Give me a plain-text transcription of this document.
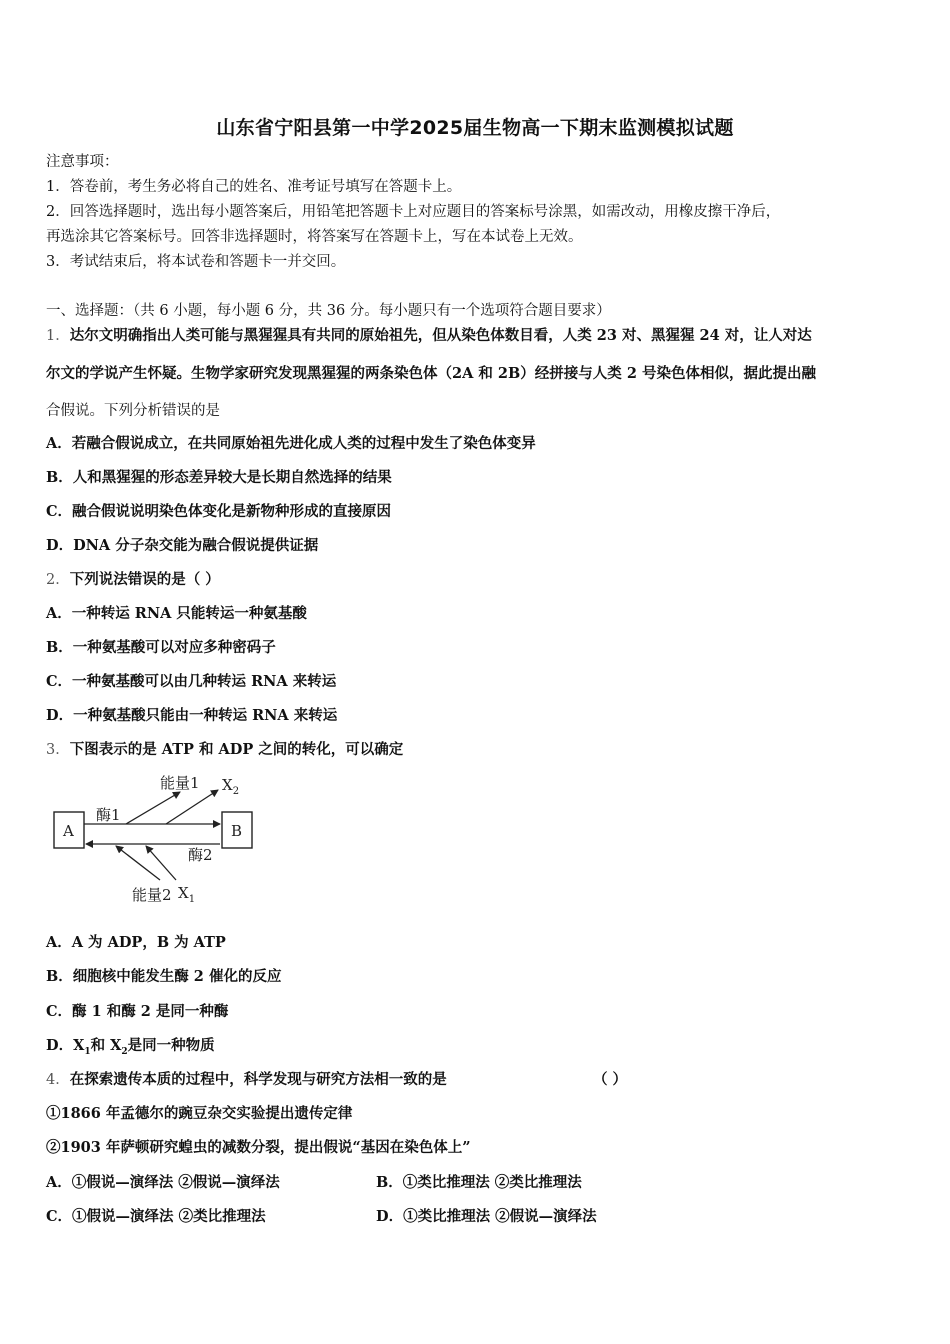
山东省宁阳县第一中学2025届生物高一下期末监测模拟试题
注意事项：
1．答卷前，考生务必将自己的姓名、准考证号填写在答题卡上。
2．回答选择题时，选出每小题答案后，用铅笔把答题卡上对应题目的答案标号涂黑，如需改动，用橡皮擦干净后，
再选涂其它答案标号。回答非选择题时，将答案写在答题卡上，写在本试卷上无效。
3．考试结束后，将本试卷和答题卡一并交回。
一、选择题：（共 6 小题，每小题 6 分，共 36 分。每小题只有一个选项符合题目要求）
1．达尔文明确指出人类可能与黑猩猩具有共同的原始祖先，但从染色体数目看，人类 23 对、黑猩猩 24 对，让人对达
尔文的学说产生怀疑。生物学家研究发现黑猩猩的两条染色体（2A 和 2B）经拼接与人类 2 号染色体相似，据此提出融
合假说。下列分析错误的是
A．若融合假说成立，在共同原始祖先进化成人类的过程中发生了染色体变异
B．人和黑猩猩的形态差异较大是长期自然选择的结果
C．融合假说说明染色体变化是新物种形成的直接原因
D．DNA 分子杂交能为融合假说提供证据
2．下列说法错误的是（ ）
A．一种转运 RNA 只能转运一种氨基酸
B．一种氨基酸可以对应多种密码子
C．一种氨基酸可以由几种转运 RNA 来转运
D．一种氨基酸只能由一种转运 RNA 来转运
3．下图表示的是 ATP 和 ADP 之间的转化，可以确定
A	B
能量1 $X_2$
酶1
酶2
能量2 $X_1$
A．A 为 ADP，B 为 ATP
B．细胞核中能发生酶 2 催化的反应
C．酶 1 和酶 2 是同一种酶
D．$X_1$和 $X_2$是同一种物质
4．在探索遗传本质的过程中，科学发现与研究方法相一致的是	（ ）
①1866 年孟德尔的豌豆杂交实验提出遗传定律
②1903 年萨顿研究蝗虫的减数分裂，提出假说“基因在染色体上”
A．①假说—演绎法 ②假说—演绎法	B．①类比推理法 ②类比推理法
C．①假说—演绎法 ②类比推理法	D．①类比推理法 ②假说—演绎法
